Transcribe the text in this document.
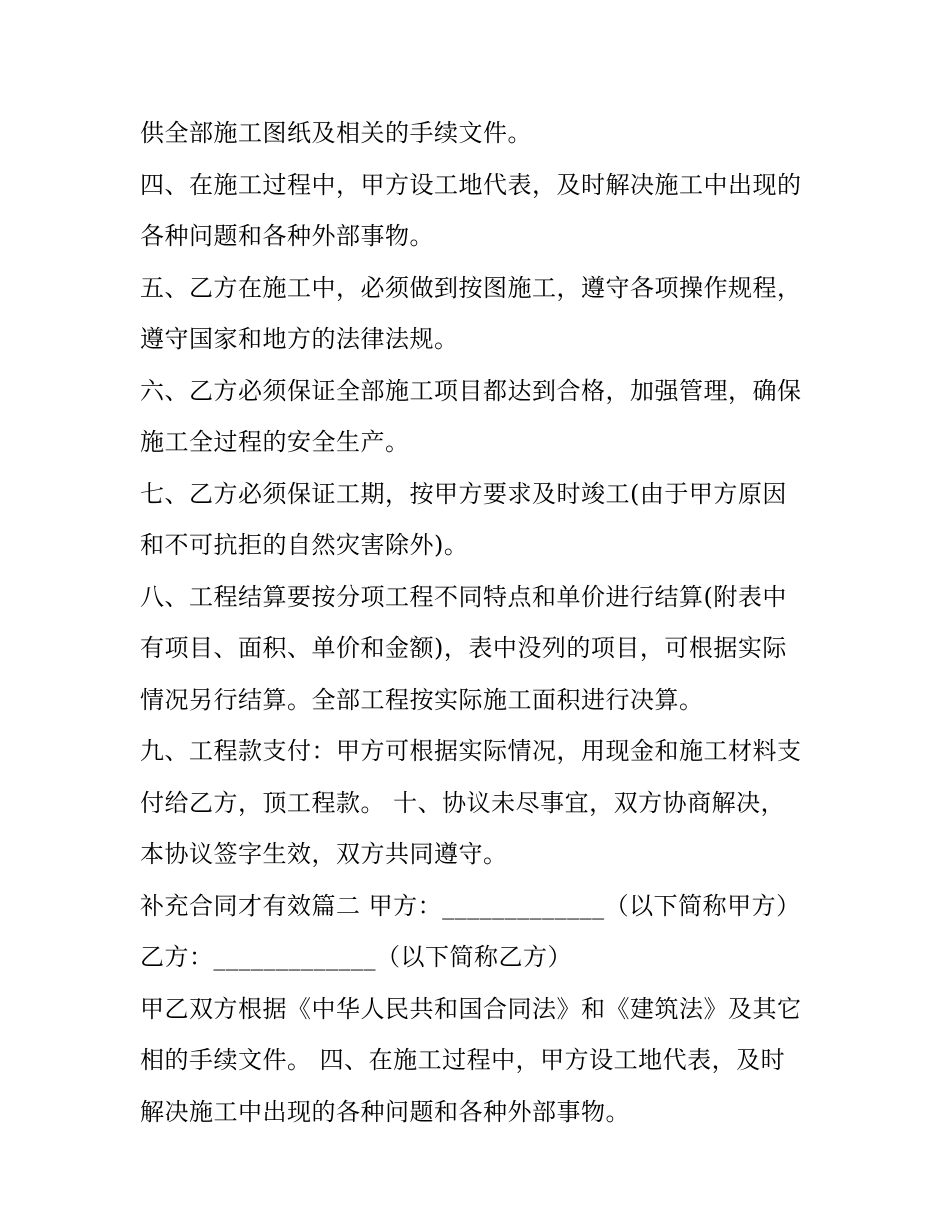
供全部施工图纸及相关的手续文件。
四、在施工过程中，甲方设工地代表，及时解决施工中出现的
各种问题和各种外部事物。
五、乙方在施工中，必须做到按图施工，遵守各项操作规程，
遵守国家和地方的法律法规。
六、乙方必须保证全部施工项目都达到合格，加强管理，确保
施工全过程的安全生产。
七、乙方必须保证工期，按甲方要求及时竣工(由于甲方原因
和不可抗拒的自然灾害除外)。
八、工程结算要按分项工程不同特点和单价进行结算(附表中
有项目、面积、单价和金额)，表中没列的项目，可根据实际
情况另行结算。全部工程按实际施工面积进行决算。
九、工程款支付：甲方可根据实际情况，用现金和施工材料支
付给乙方，顶工程款。 十、协议未尽事宜，双方协商解决，
本协议签字生效，双方共同遵守。
补充合同才有效篇二 甲方：_____________（以下简称甲方）
乙方：_____________（以下简称乙方）
甲乙双方根据《中华人民共和国合同法》和《建筑法》及其它
相的手续文件。 四、在施工过程中，甲方设工地代表，及时
解决施工中出现的各种问题和各种外部事物。
